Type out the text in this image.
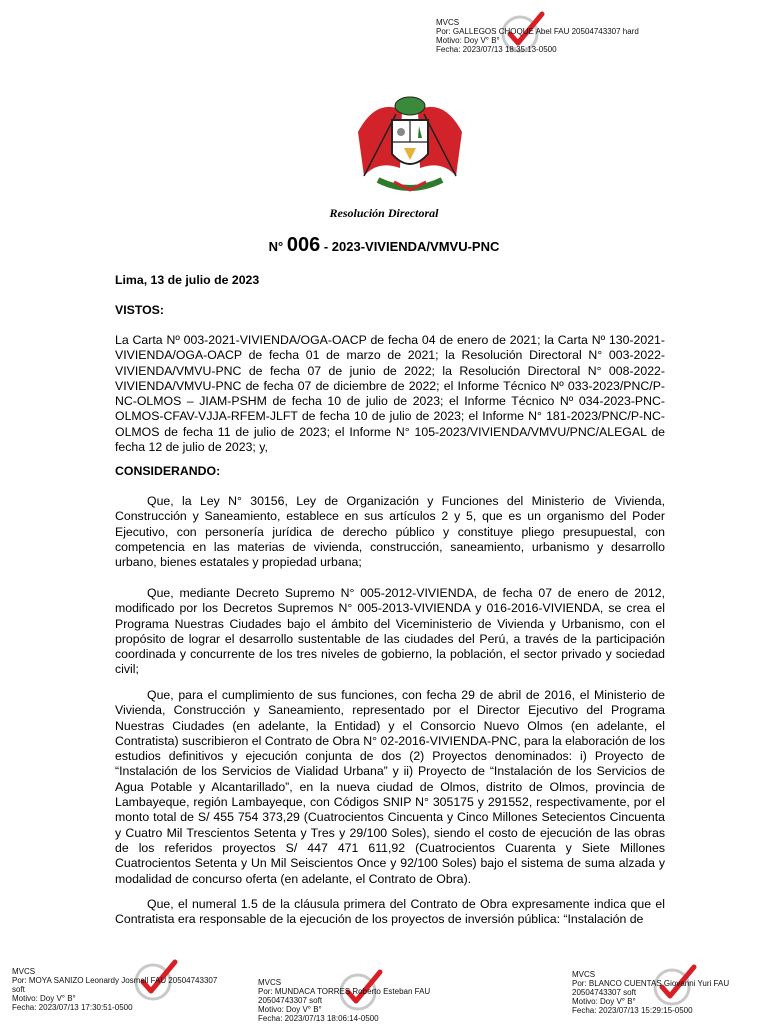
MVCS
Por: GALLEGOS CHOQUE Abel FAU 20504743307 hard
Motivo: Doy V° B°
Fecha: 2023/07/13 18:35:13-0500
Resolución Directoral
N° 006 - 2023-VIVIENDA/VMVU-PNC
Lima, 13 de julio de 2023
VISTOS:

La Carta Nº 003-2021-VIVIENDA/OGA-OACP de fecha 04 de enero de 2021; la Carta Nº 130-2021-VIVIENDA/OGA-OACP de fecha 01 de marzo de 2021; la Resolución Directoral N° 003-2022-VIVIENDA/VMVU-PNC de fecha 07 de junio de 2022; la Resolución Directoral N° 008-2022-VIVIENDA/VMVU-PNC de fecha 07 de diciembre de 2022; el Informe Técnico Nº 033-2023/PNC/P-NC-OLMOS – JIAM-PSHM de fecha 10 de julio de 2023; el Informe Técnico Nº 034-2023-PNC-OLMOS-CFAV-VJJA-RFEM-JLFT de fecha 10 de julio de 2023; el Informe N° 181-2023/PNC/P-NC-OLMOS de fecha 11 de julio de 2023; el Informe N° 105-2023/VIVIENDA/VMVU/PNC/ALEGAL de fecha 12 de julio de 2023; y,

CONSIDERANDO:

Que, la Ley N° 30156, Ley de Organización y Funciones del Ministerio de Vivienda, Construcción y Saneamiento, establece en sus artículos 2 y 5, que es un organismo del Poder Ejecutivo, con personería jurídica de derecho público y constituye pliego presupuestal, con competencia en las materias de vivienda, construcción, saneamiento, urbanismo y desarrollo urbano, bienes estatales y propiedad urbana;

Que, mediante Decreto Supremo N° 005-2012-VIVIENDA, de fecha 07 de enero de 2012, modificado por los Decretos Supremos N° 005-2013-VIVIENDA y 016-2016-VIVIENDA, se crea el Programa Nuestras Ciudades bajo el ámbito del Viceministerio de Vivienda y Urbanismo, con el propósito de lograr el desarrollo sustentable de las ciudades del Perú, a través de la participación coordinada y concurrente de los tres niveles de gobierno, la población, el sector privado y sociedad civil;

Que, para el cumplimiento de sus funciones, con fecha 29 de abril de 2016, el Ministerio de Vivienda, Construcción y Saneamiento, representado por el Director Ejecutivo del Programa Nuestras Ciudades (en adelante, la Entidad) y el Consorcio Nuevo Olmos (en adelante, el Contratista) suscribieron el Contrato de Obra N° 02-2016-VIVIENDA-PNC, para la elaboración de los estudios definitivos y ejecución conjunta de dos (2) Proyectos denominados: i) Proyecto de “Instalación de los Servicios de Vialidad Urbana” y ii) Proyecto de “Instalación de los Servicios de Agua Potable y Alcantarillado”, en la nueva ciudad de Olmos, distrito de Olmos, provincia de Lambayeque, región Lambayeque, con Códigos SNIP N° 305175 y 291552, respectivamente, por el monto total de S/ 455 754 373,29 (Cuatrocientos Cincuenta y Cinco Millones Setecientos Cincuenta y Cuatro Mil Trescientos Setenta y Tres y 29/100 Soles), siendo el costo de ejecución de las obras de los referidos proyectos S/ 447 471 611,92 (Cuatrocientos Cuarenta y Siete Millones Cuatrocientos Setenta y Un Mil Seiscientos Once y 92/100 Soles) bajo el sistema de suma alzada y modalidad de concurso oferta (en adelante, el Contrato de Obra).

Que, el numeral 1.5 de la cláusula primera del Contrato de Obra expresamente indica que el Contratista era responsable de la ejecución de los proyectos de inversión pública: “Instalación de

MVCS
Por: MOYA SANIZO Leonardy Josmell FAU 20504743307
soft
Motivo: Doy V° B°
Fecha: 2023/07/13 17:30:51-0500
MVCS
Por: MUNDACA TORRES Roberto Esteban FAU
20504743307 soft
Motivo: Doy V° B°
Fecha: 2023/07/13 18:06:14-0500
MVCS
Por: BLANCO CUENTAS Giovanni Yuri FAU
20504743307 soft
Motivo: Doy V° B°
Fecha: 2023/07/13 15:29:15-0500
